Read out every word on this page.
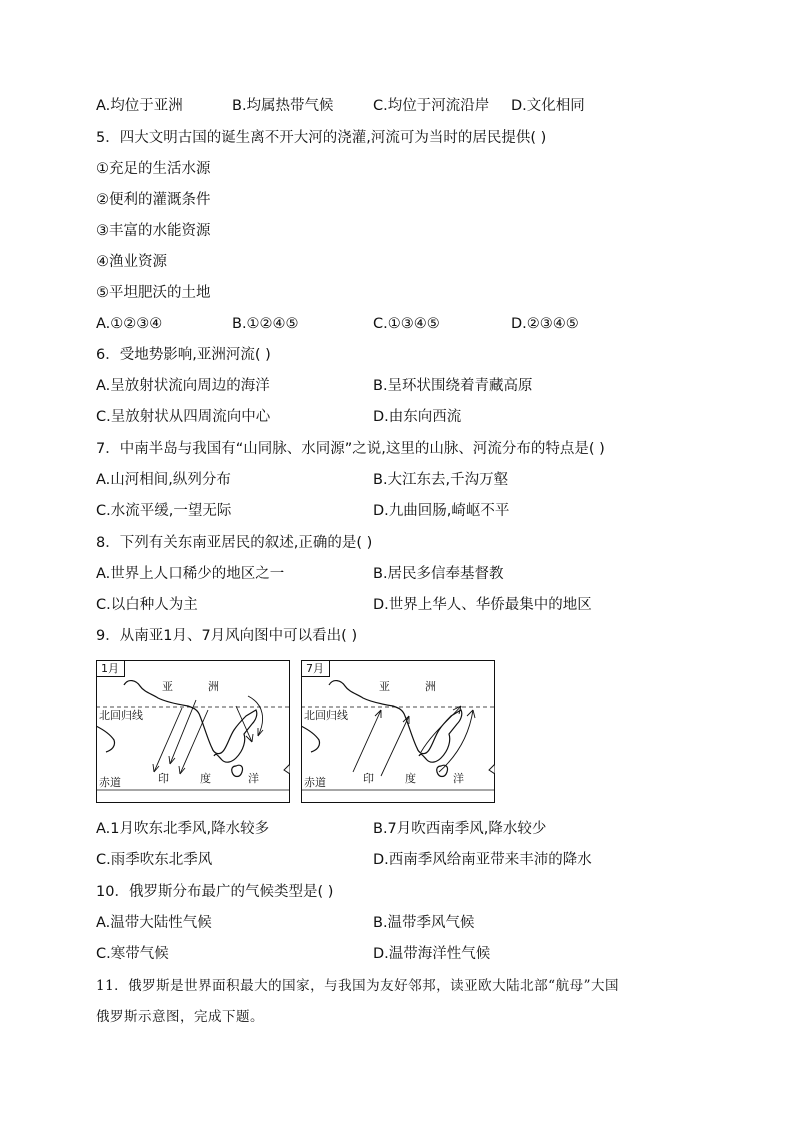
A.均位于亚洲	B.均属热带气候	C.均位于河流沿岸 D.文化相同
5．四大文明古国的诞生离不开大河的浇灌,河流可为当时的居民提供( )
①充足的生活水源
②便利的灌溉条件
③丰富的水能资源
④渔业资源
⑤平坦肥沃的土地
A.①②③④	B.①②④⑤	C.①③④⑤	D.②③④⑤
6．受地势影响,亚洲河流( )
A.呈放射状流向周边的海洋	B.呈环状围绕着青藏高原
C.呈放射状从四周流向中心	D.由东向西流
7．中南半岛与我国有“山同脉、水同源”之说,这里的山脉、河流分布的特点是( )
A.山河相间,纵列分布	B.大江东去,千沟万壑
C.水流平缓,一望无际	D.九曲回肠,崎岖不平
8．下列有关东南亚居民的叙述,正确的是( )
A.世界上人口稀少的地区之一	B.居民多信奉基督教
C.以白种人为主	D.世界上华人、华侨最集中的地区
9．从南亚1月、7月风向图中可以看出( )
1月
亚	洲
北回归线
赤道	印	度	洋
7月
亚	洲
北回归线
赤道	印	度	洋
A.1月吹东北季风,降水较多	B.7月吹西南季风,降水较少
C.雨季吹东北季风	D.西南季风给南亚带来丰沛的降水
10．俄罗斯分布最广的气候类型是( )
A.温带大陆性气候	B.温带季风气候
C.寒带气候	D.温带海洋性气候
11．俄罗斯是世界面积最大的国家，与我国为友好邻邦，读亚欧大陆北部“航母”大国
俄罗斯示意图，完成下题。
